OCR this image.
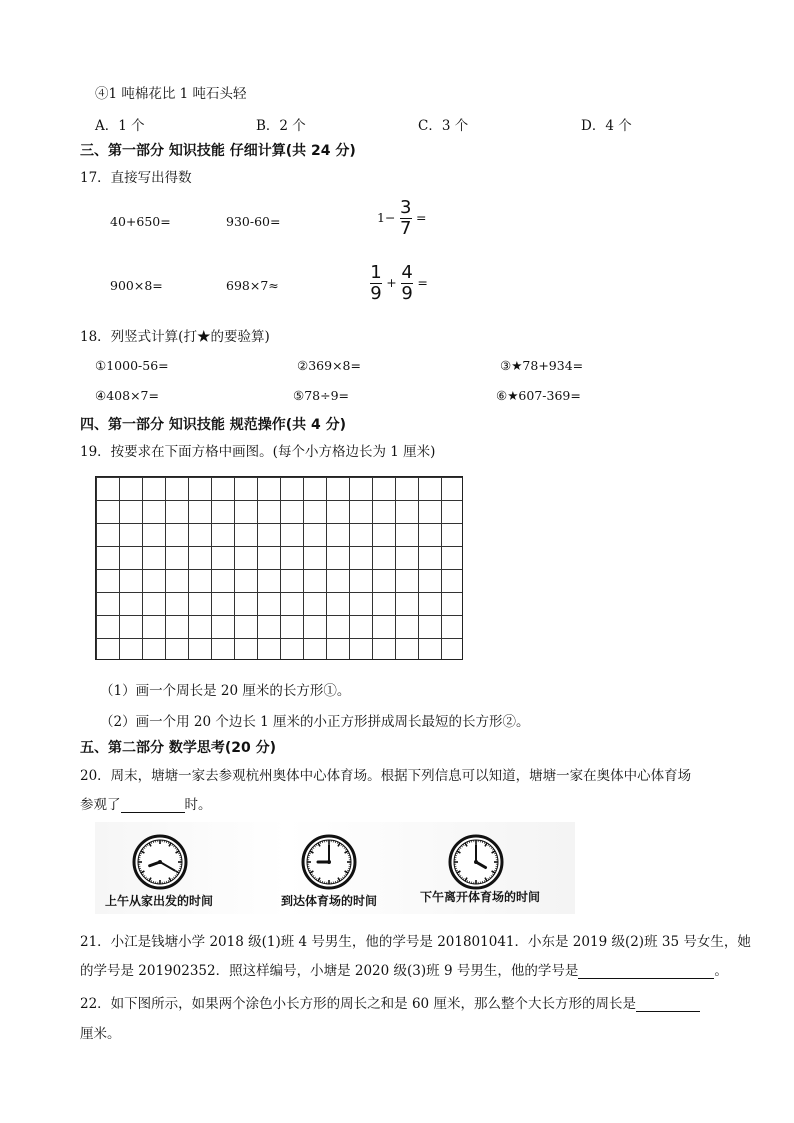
④1 吨棉花比 1 吨石头轻
A．1 个	B．2 个	C．3 个	D．4 个
三、第一部分 知识技能 仔细计算(共 24 分)
17．直接写出得数
40+650=	930-60=	$1- \frac{3}{7}$ =
900×8=	698×7≈	$\frac{1}{9} + \frac{4}{9}$ =
18．列竖式计算(打★的要验算)
①1000-56=	②369×8=	③★78+934=
④408×7=	⑤78÷9=	⑥★607-369=
四、第一部分 知识技能 规范操作(共 4 分)
19．按要求在下面方格中画图。(每个小方格边长为 1 厘米)
（1）画一个周长是 20 厘米的长方形①。
（2）画一个用 20 个边长 1 厘米的小正方形拼成周长最短的长方形②。
五、第二部分 数学思考(20 分)
20．周末，塘塘一家去参观杭州奥体中心体育场。根据下列信息可以知道，塘塘一家在奥体中心体育场
参观了	时。
上午从家出发的时间	到达体育场的时间	下午离开体育场的时间
21．小江是钱塘小学 2018 级(1)班 4 号男生，他的学号是 201801041．小东是 2019 级(2)班 35 号女生，她
的学号是 201902352．照这样编号，小塘是 2020 级(3)班 9 号男生，他的学号是	。
22．如下图所示，如果两个涂色小长方形的周长之和是 60 厘米，那么整个大长方形的周长是
厘米。
